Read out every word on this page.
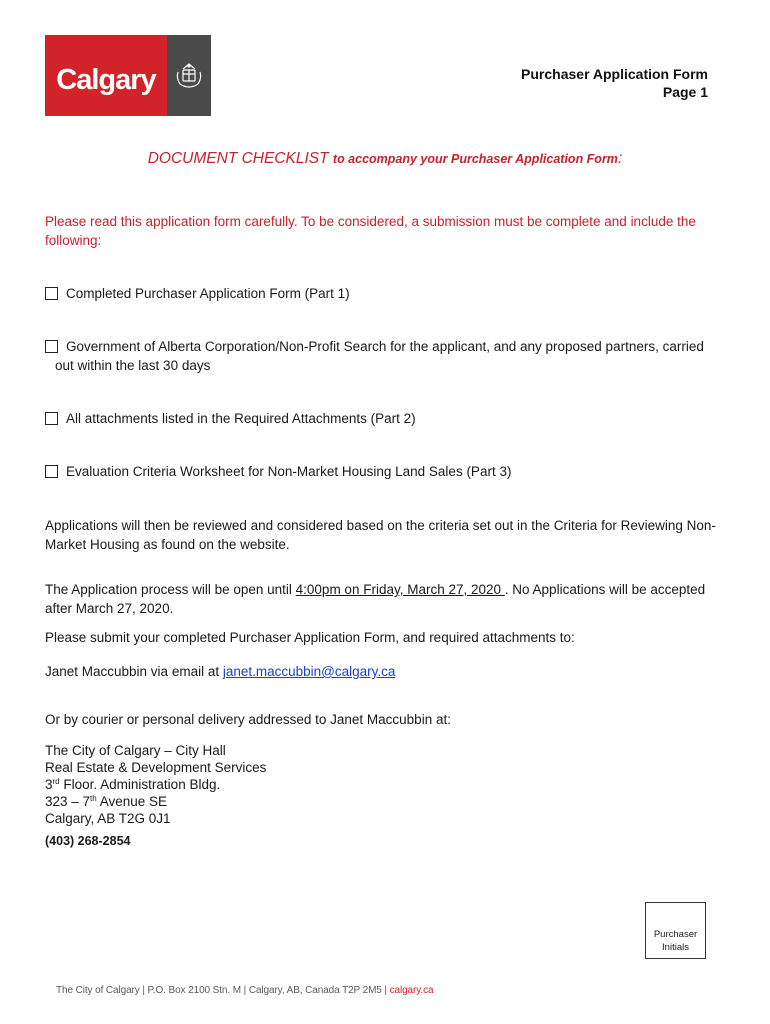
Calgary	Purchaser Application Form
Page 1
DOCUMENT CHECKLIST to accompany your Purchaser Application Form:
Please read this application form carefully. To be considered, a submission must be complete and include the following:
Completed Purchaser Application Form (Part 1)
Government of Alberta Corporation/Non-Profit Search for the applicant, and any proposed partners, carried
out within the last 30 days
All attachments listed in the Required Attachments (Part 2)
Evaluation Criteria Worksheet for Non-Market Housing Land Sales (Part 3)
Applications will then be reviewed and considered based on the criteria set out in the Criteria for Reviewing Non-Market Housing as found on the website.
The Application process will be open until 4:00pm on Friday, March 27, 2020 . No Applications will be accepted after March 27, 2020.
Please submit your completed Purchaser Application Form, and required attachments to:
Janet Maccubbin via email at janet.maccubbin@calgary.ca
Or by courier or personal delivery addressed to Janet Maccubbin at:
The City of Calgary – City Hall
Real Estate & Development Services
3rd Floor. Administration Bldg.
323 – 7th Avenue SE
Calgary, AB T2G 0J1
(403) 268-2854
Purchaser
Initials
The City of Calgary | P.O. Box 2100 Stn. M | Calgary, AB, Canada T2P 2M5 | calgary.ca
